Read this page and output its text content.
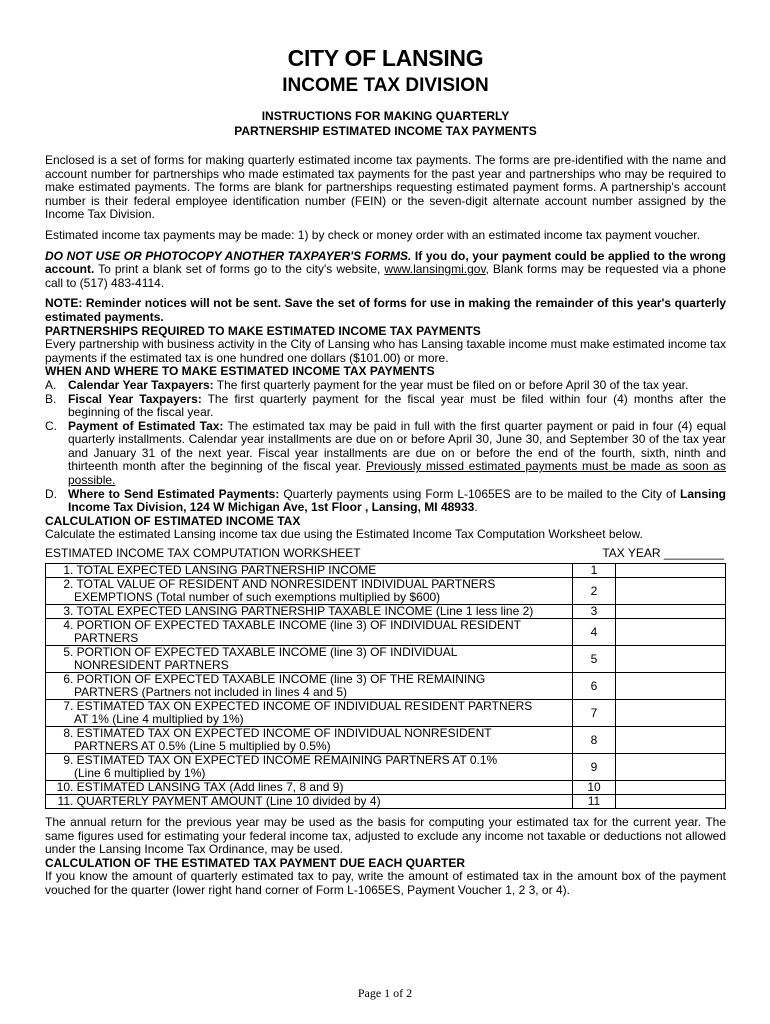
CITY OF LANSING
INCOME TAX DIVISION
INSTRUCTIONS FOR MAKING QUARTERLY
PARTNERSHIP ESTIMATED INCOME TAX PAYMENTS

Enclosed is a set of forms for making quarterly estimated income tax payments. The forms are pre-identified with the name and account number for partnerships who made estimated tax payments for the past year and partnerships who may be required to make estimated payments. The forms are blank for partnerships requesting estimated payment forms. A partnership's account number is their federal employee identification number (FEIN) or the seven-digit alternate account number assigned by the Income Tax Division.

Estimated income tax payments may be made: 1) by check or money order with an estimated income tax payment voucher.

DO NOT USE OR PHOTOCOPY ANOTHER TAXPAYER'S FORMS. If you do, your payment could be applied to the wrong account. To print a blank set of forms go to the city's website, www.lansingmi.gov, Blank forms may be requested via a phone call to (517) 483-4114.

NOTE: Reminder notices will not be sent. Save the set of forms for use in making the remainder of this year's quarterly estimated payments.

PARTNERSHIPS REQUIRED TO MAKE ESTIMATED INCOME TAX PAYMENTS

Every partnership with business activity in the City of Lansing who has Lansing taxable income must make estimated income tax payments if the estimated tax is one hundred one dollars ($101.00) or more.

WHEN AND WHERE TO MAKE ESTIMATED INCOME TAX PAYMENTS
A. Calendar Year Taxpayers: The first quarterly payment for the year must be filed on or before April 30 of the tax year.
B. Fiscal Year Taxpayers: The first quarterly payment for the fiscal year must be filed within four (4) months after the beginning of the fiscal year.
C. Payment of Estimated Tax: The estimated tax may be paid in full with the first quarter payment or paid in four (4) equal quarterly installments. Calendar year installments are due on or before April 30, June 30, and September 30 of the tax year and January 31 of the next year. Fiscal year installments are due on or before the end of the fourth, sixth, ninth and thirteenth month after the beginning of the fiscal year. Previously missed estimated payments must be made as soon as possible.
D. Where to Send Estimated Payments: Quarterly payments using Form L-1065ES are to be mailed to the City of Lansing Income Tax Division, 124 W Michigan Ave, 1st Floor , Lansing, MI 48933.
CALCULATION OF ESTIMATED INCOME TAX

Calculate the estimated Lansing income tax due using the Estimated Income Tax Computation Worksheet below.

ESTIMATED INCOME TAX COMPUTATION WORKSHEET	TAX YEAR _________
1. TOTAL EXPECTED LANSING PARTNERSHIP INCOME	1	
2. TOTAL VALUE OF RESIDENT AND NONRESIDENT INDIVIDUAL PARTNERS
EXEMPTIONS (Total number of such exemptions multiplied by $600)	2	
3. TOTAL EXPECTED LANSING PARTNERSHIP TAXABLE INCOME (Line 1 less line 2)	3	
4. PORTION OF EXPECTED TAXABLE INCOME (line 3) OF INDIVIDUAL RESIDENT
PARTNERS	4	
5. PORTION OF EXPECTED TAXABLE INCOME (line 3) OF INDIVIDUAL
NONRESIDENT PARTNERS	5	
6. PORTION OF EXPECTED TAXABLE INCOME (line 3) OF THE REMAINING
PARTNERS (Partners not included in lines 4 and 5)	6	
7. ESTIMATED TAX ON EXPECTED INCOME OF INDIVIDUAL RESIDENT PARTNERS
AT 1% (Line 4 multiplied by 1%)	7	
8. ESTIMATED TAX ON EXPECTED INCOME OF INDIVIDUAL NONRESIDENT
PARTNERS AT 0.5% (Line 5 multiplied by 0.5%)	8	
9. ESTIMATED TAX ON EXPECTED INCOME REMAINING PARTNERS AT 0.1%
(Line 6 multiplied by 1%)	9	
10. ESTIMATED LANSING TAX (Add lines 7, 8 and 9)	10	
11. QUARTERLY PAYMENT AMOUNT (Line 10 divided by 4)	11	

The annual return for the previous year may be used as the basis for computing your estimated tax for the current year. The same figures used for estimating your federal income tax, adjusted to exclude any income not taxable or deductions not allowed under the Lansing Income Tax Ordinance, may be used.

CALCULATION OF THE ESTIMATED TAX PAYMENT DUE EACH QUARTER

If you know the amount of quarterly estimated tax to pay, write the amount of estimated tax in the amount box of the payment vouched for the quarter (lower right hand corner of Form L-1065ES, Payment Voucher 1, 2 3, or 4).

Page 1 of 2
